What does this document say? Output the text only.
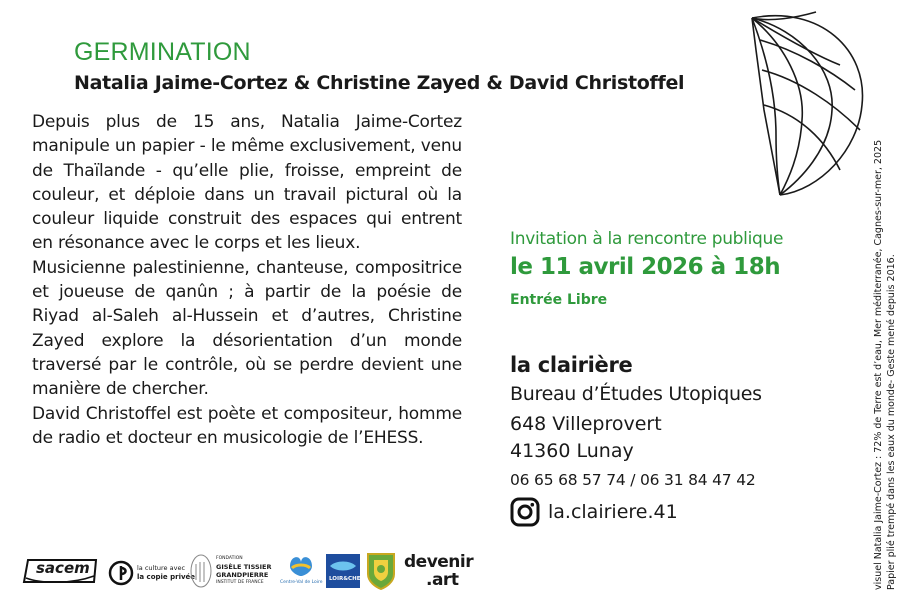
GERMINATION
Natalia Jaime-Cortez & Christine Zayed & David Christoffel

Depuis plus de 15 ans, Natalia Jaime-Cortez manipule un papier - le même exclusivement, venu de Thaïlande - qu’elle plie, froisse, empreint de couleur, et déploie dans un travail pictural où la couleur liquide construit des espaces qui entrent en résonance avec le corps et les lieux.

Musicienne palestinienne, chanteuse, compositrice et joueuse de qanûn ; à partir de la poésie de Riyad al-Saleh al-Hussein et d’autres, Christine Zayed explore la désorientation d’un monde traversé par le contrôle, où se perdre devient une manière de chercher.

David Christoffel est poète et compositeur, homme de radio et docteur en musicologie de l’EHESS.

Invitation à la rencontre publique
le 11 avril 2026 à 18h
Entrée Libre
la clairière
Bureau d’Études Utopiques
648 Villeprovert
41360 Lunay
06 65 68 57 74 / 06 31 84 47 42
la.clairiere.41	visuel Natalia Jaime-Cortez : 72% de Terre est d’eau, Mer méditerranée, Cagnes-sur-mer, 2025 Papier plié trempé dans les eaux du monde- Geste mené depuis 2016.
sacem	la culture avec
la copie privée
FONDATION
GISÈLE TISSIER
GRANDPIERRE
INSTITUT DE FRANCE	Centre-Val de Loire
LOIR&CHER
devenir
.art
